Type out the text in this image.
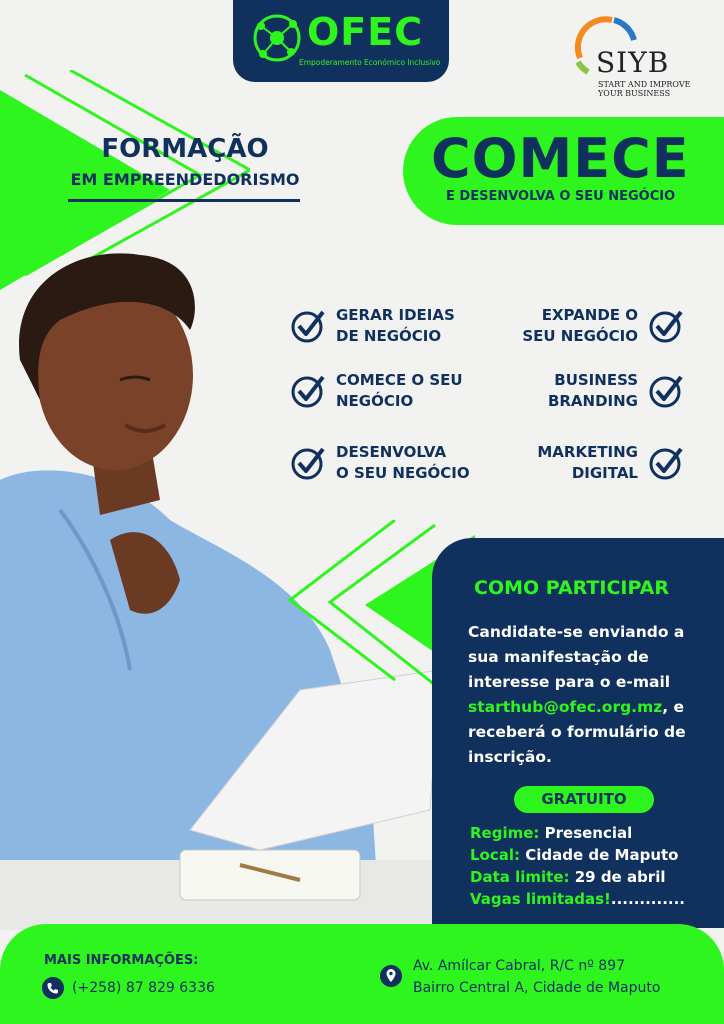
OFEC
Empoderamento Económico Inclusivo	SIYB
START AND IMPROVE
YOUR BUSINESS
FORMAÇÃO
EM EMPREENDEDORISMO COMECE
E DESENVOLVA O SEU NEGÓCIO
GERAR IDEIAS
DE NEGÓCIO
COMECE O SEU
NEGÓCIO
DESENVOLVA
O SEU NEGÓCIO
EXPANDE O
SEU NEGÓCIO
BUSINESS
BRANDING
MARKETING
DIGITAL
COMO PARTICIPAR
Candidate-se enviando a sua manifestação de interesse para o e-mail starthub@ofec.org.mz, e receberá o formulário de inscrição.
GRATUITO
Regime: Presencial
Local: Cidade de Maputo
Data limite: 29 de abril
Vagas limitadas!.............
MAIS INFORMAÇÕES:
(+258) 87 829 6336
Av. Amílcar Cabral, R/C nº 897
Bairro Central A, Cidade de Maputo
